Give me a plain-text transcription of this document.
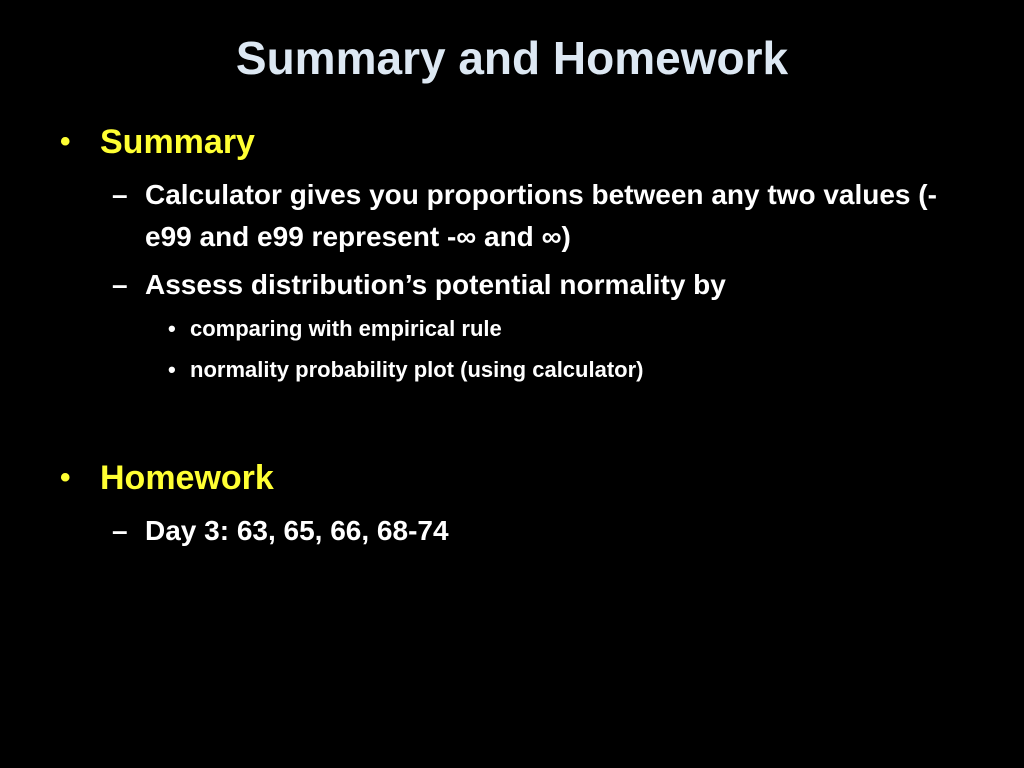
Summary and Homework
• Summary
– Calculator gives you proportions between any two values (-e99 and e99 represent -∞ and ∞)
– Assess distribution’s potential normality by
• comparing with empirical rule
• normality probability plot (using calculator)
• Homework
– Day 3: 63, 65, 66, 68-74
